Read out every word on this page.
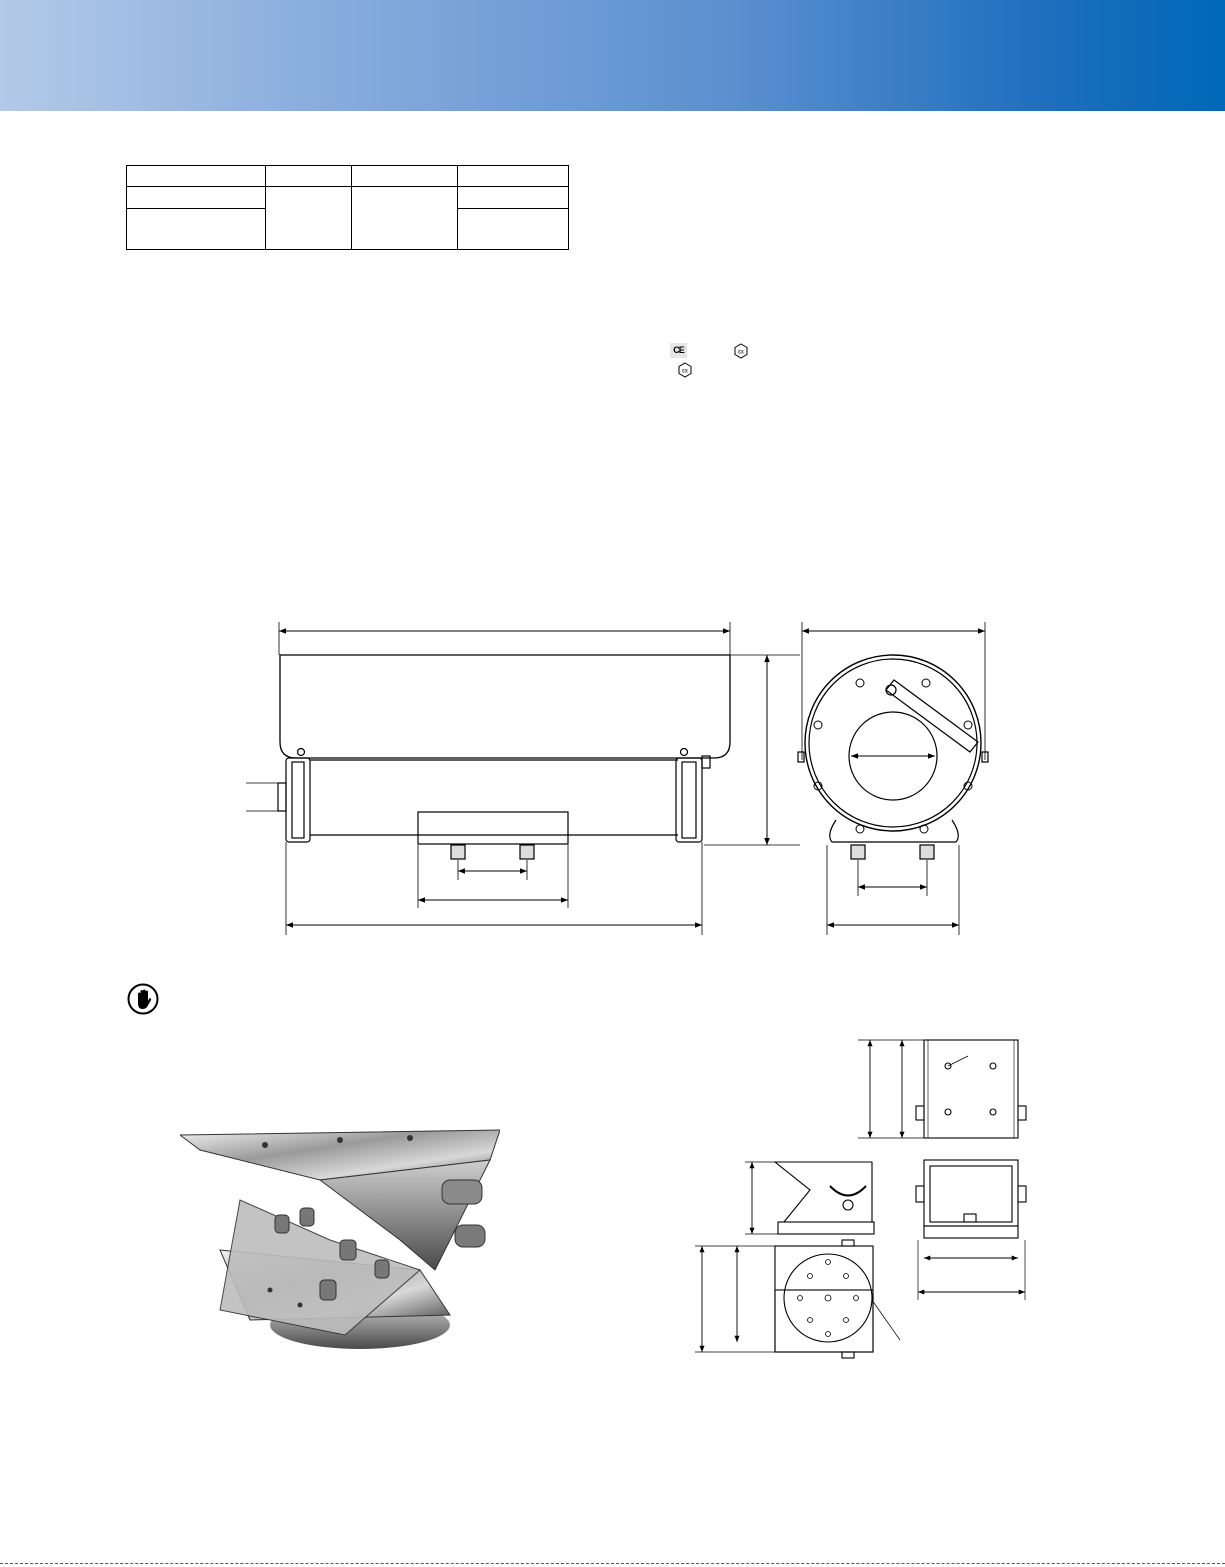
CE	ɛx
ɛx
